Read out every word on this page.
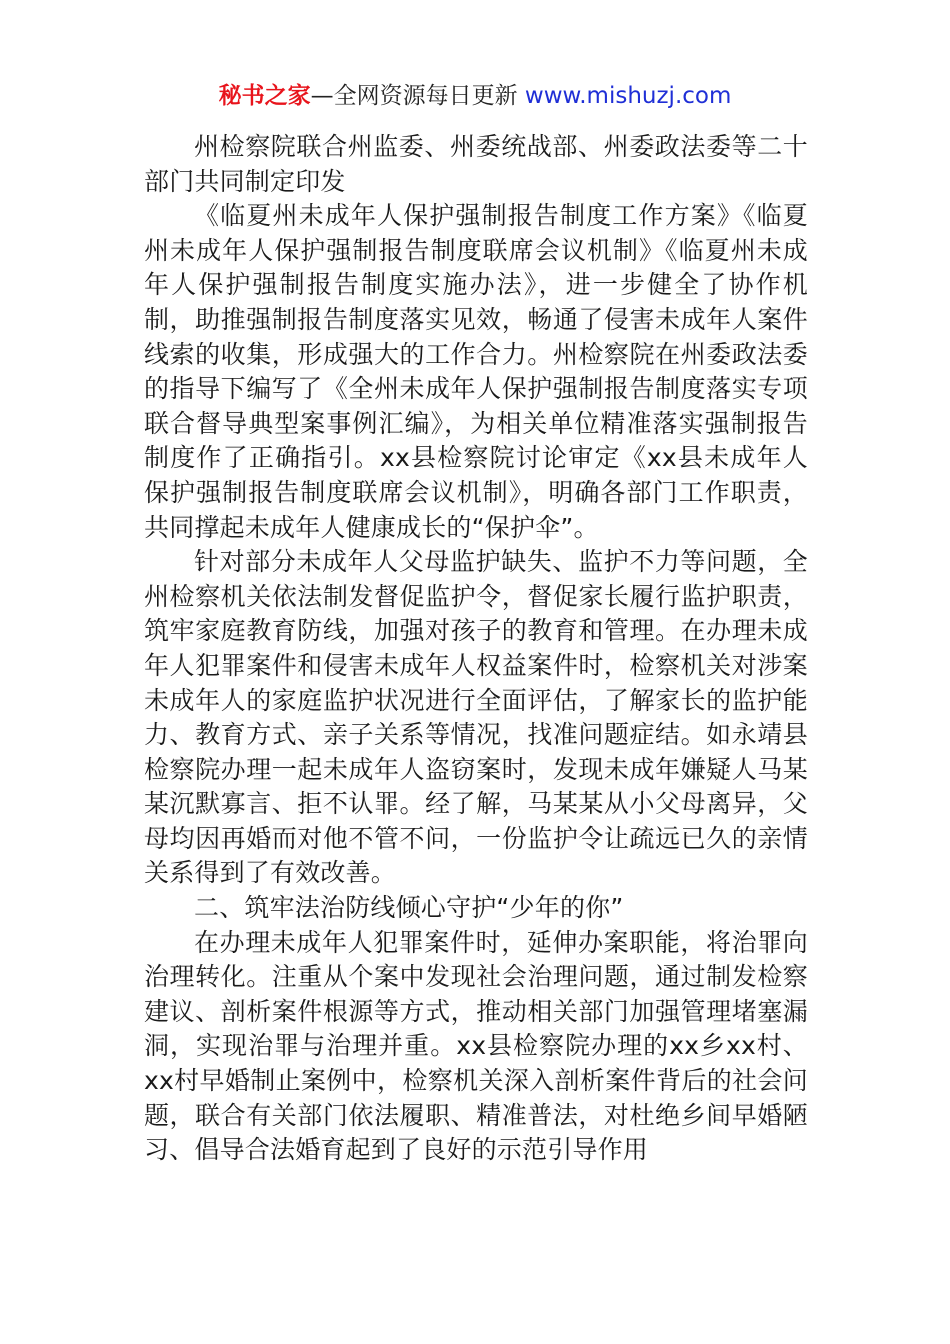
秘书之家—全网资源每日更新 www.mishuzj.com

州检察院联合州监委、州委统战部、州委政法委等二十部门共同制定印发

《临夏州未成年人保护强制报告制度工作方案》《临夏州未成年人保护强制报告制度联席会议机制》《临夏州未成年人保护强制报告制度实施办法》，进一步健全了协作机制，助推强制报告制度落实见效，畅通了侵害未成年人案件线索的收集，形成强大的工作合力。州检察院在州委政法委的指导下编写了《全州未成年人保护强制报告制度落实专项联合督导典型案事例汇编》，为相关单位精准落实强制报告制度作了正确指引。xx县检察院讨论审定《xx县未成年人保护强制报告制度联席会议机制》，明确各部门工作职责，共同撑起未成年人健康成长的“保护伞”。

针对部分未成年人父母监护缺失、监护不力等问题，全州检察机关依法制发督促监护令，督促家长履行监护职责，筑牢家庭教育防线，加强对孩子的教育和管理。在办理未成年人犯罪案件和侵害未成年人权益案件时，检察机关对涉案未成年人的家庭监护状况进行全面评估，了解家长的监护能力、教育方式、亲子关系等情况，找准问题症结。如永靖县检察院办理一起未成年人盗窃案时，发现未成年嫌疑人马某某沉默寡言、拒不认罪。经了解，马某某从小父母离异，父母均因再婚而对他不管不问，一份监护令让疏远已久的亲情关系得到了有效改善。

二、筑牢法治防线倾心守护“少年的你”

在办理未成年人犯罪案件时，延伸办案职能，将治罪向治理转化。注重从个案中发现社会治理问题，通过制发检察建议、剖析案件根源等方式，推动相关部门加强管理堵塞漏洞，实现治罪与治理并重。xx县检察院办理的xx乡xx村、xx村早婚制止案例中，检察机关深入剖析案件背后的社会问题，联合有关部门依法履职、精准普法，对杜绝乡间早婚陋习、倡导合法婚育起到了良好的示范引导作用
